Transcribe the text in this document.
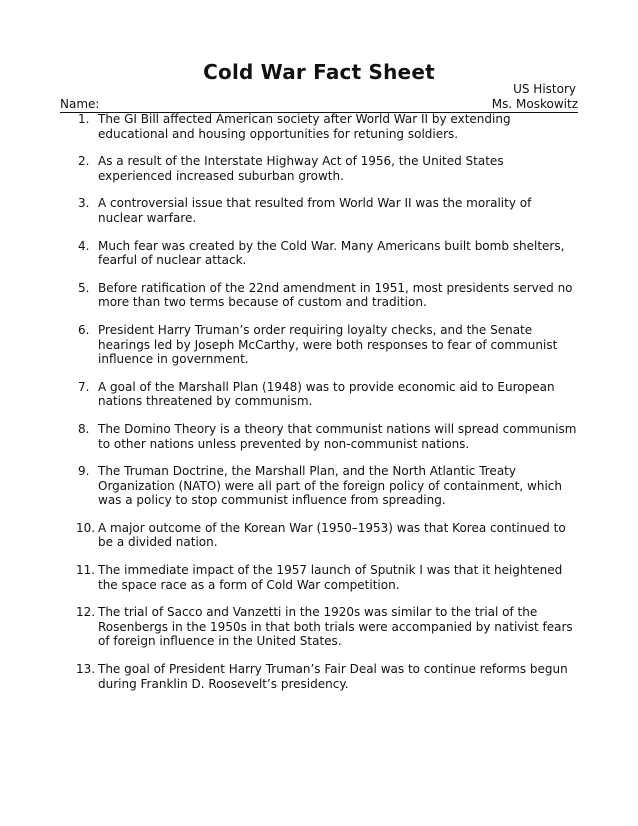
Cold War Fact Sheet
US History
Name:	Ms. Moskowitz
1. The GI Bill affected American society after World War II by extending educational and housing opportunities for retuning soldiers.
2. As a result of the Interstate Highway Act of 1956, the United States experienced increased suburban growth.
3. A controversial issue that resulted from World War II was the morality of nuclear warfare.
4. Much fear was created by the Cold War. Many Americans built bomb shelters, fearful of nuclear attack.
5. Before ratification of the 22nd amendment in 1951, most presidents served no more than two terms because of custom and tradition.
6. President Harry Truman’s order requiring loyalty checks, and the Senate hearings led by Joseph McCarthy, were both responses to fear of communist influence in government.
7. A goal of the Marshall Plan (1948) was to provide economic aid to European nations threatened by communism.
8. The Domino Theory is a theory that communist nations will spread communism to other nations unless prevented by non-communist nations.
9. The Truman Doctrine, the Marshall Plan, and the North Atlantic Treaty Organization (NATO) were all part of the foreign policy of containment, which was a policy to stop communist influence from spreading.
10. A major outcome of the Korean War (1950–1953) was that Korea continued to be a divided nation.
11. The immediate impact of the 1957 launch of Sputnik I was that it heightened the space race as a form of Cold War competition.
12. The trial of Sacco and Vanzetti in the 1920s was similar to the trial of the Rosenbergs in the 1950s in that both trials were accompanied by nativist fears of foreign influence in the United States.
13. The goal of President Harry Truman’s Fair Deal was to continue reforms begun during Franklin D. Roosevelt’s presidency.
